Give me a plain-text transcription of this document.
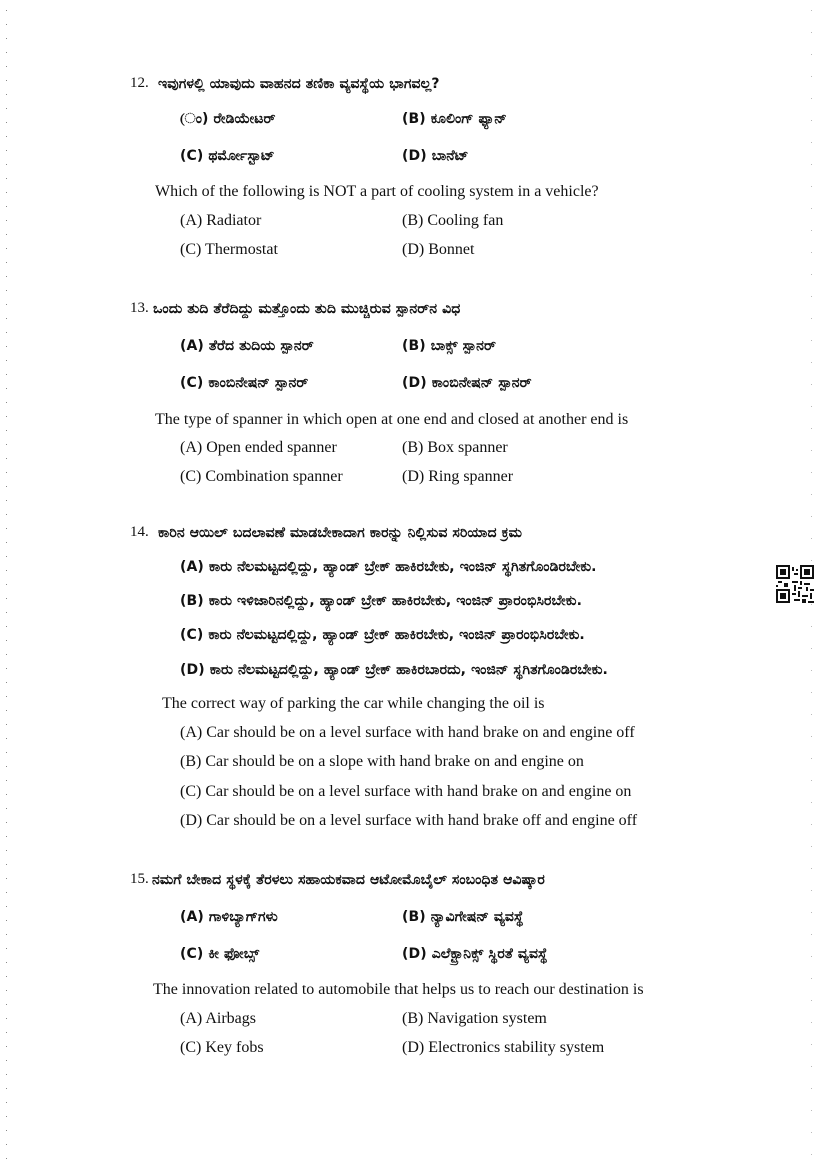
12. ಇವುಗಳಲ್ಲಿ ಯಾವುದು ವಾಹನದ ತಣಿಕಾ ವ್ಯವಸ್ಥೆಯ ಭಾಗವಲ್ಲ?
(ಂ) ರೇಡಿಯೇಟರ್	(B) ಕೂಲಿಂಗ್ ಫ್ಯಾನ್
(C) ಥರ್ಮೋಸ್ಟಾಟ್	(D) ಬಾನೆಟ್
Which of the following is NOT a part of cooling system in a vehicle?
(A) Radiator	(B) Cooling fan
(C) Thermostat	(D) Bonnet
13. ಒಂದು ತುದಿ ತೆರೆದಿದ್ದು ಮತ್ತೊಂದು ತುದಿ ಮುಚ್ಚಿರುವ ಸ್ಪಾನರ್‌ನ ವಿಧ
(A) ತೆರೆದ ತುದಿಯ ಸ್ಪಾನರ್	(B) ಬಾಕ್ಸ್ ಸ್ಪಾನರ್
(C) ಕಾಂಬಿನೇಷನ್ ಸ್ಪಾನರ್	(D) ಕಾಂಬಿನೇಷನ್ ಸ್ಪಾನರ್
The type of spanner in which open at one end and closed at another end is
(A) Open ended spanner	(B) Box spanner
(C) Combination spanner	(D) Ring spanner
14. ಕಾರಿನ ಆಯಿಲ್ ಬದಲಾವಣೆ ಮಾಡಬೇಕಾದಾಗ ಕಾರನ್ನು ನಿಲ್ಲಿಸುವ ಸರಿಯಾದ ಕ್ರಮ
(A) ಕಾರು ನೆಲಮಟ್ಟದಲ್ಲಿದ್ದು, ಹ್ಯಾಂಡ್ ಬ್ರೇಕ್ ಹಾಕಿರಬೇಕು, ಇಂಜಿನ್ ಸ್ಥಗಿತಗೊಂಡಿರಬೇಕು.
(B) ಕಾರು ಇಳಿಜಾರಿನಲ್ಲಿದ್ದು, ಹ್ಯಾಂಡ್ ಬ್ರೇಕ್ ಹಾಕಿರಬೇಕು, ಇಂಜಿನ್ ಪ್ರಾರಂಭಿಸಿರಬೇಕು.
(C) ಕಾರು ನೆಲಮಟ್ಟದಲ್ಲಿದ್ದು, ಹ್ಯಾಂಡ್ ಬ್ರೇಕ್ ಹಾಕಿರಬೇಕು, ಇಂಜಿನ್ ಪ್ರಾರಂಭಿಸಿರಬೇಕು.
(D) ಕಾರು ನೆಲಮಟ್ಟದಲ್ಲಿದ್ದು, ಹ್ಯಾಂಡ್ ಬ್ರೇಕ್ ಹಾಕಿರಬಾರದು, ಇಂಜಿನ್ ಸ್ಥಗಿತಗೊಂಡಿರಬೇಕು.
The correct way of parking the car while changing the oil is
(A) Car should be on a level surface with hand brake on and engine off
(B) Car should be on a slope with hand brake on and engine on
(C) Car should be on a level surface with hand brake on and engine on
(D) Car should be on a level surface with hand brake off and engine off
15. ನಮಗೆ ಬೇಕಾದ ಸ್ಥಳಕ್ಕೆ ತೆರಳಲು ಸಹಾಯಕವಾದ ಆಟೋಮೊಬೈಲ್ ಸಂಬಂಧಿತ ಆವಿಷ್ಕಾರ
(A) ಗಾಳಿಬ್ಯಾಗ್‌ಗಳು	(B) ನ್ಯಾವಿಗೇಷನ್ ವ್ಯವಸ್ಥೆ
(C) ಕೀ ಫೋಬ್ಸ್	(D) ಎಲೆಕ್ಟ್ರಾನಿಕ್ಸ್ ಸ್ಥಿರತೆ ವ್ಯವಸ್ಥೆ
The innovation related to automobile that helps us to reach our destination is
(A) Airbags	(B) Navigation system
(C) Key fobs	(D) Electronics stability system
